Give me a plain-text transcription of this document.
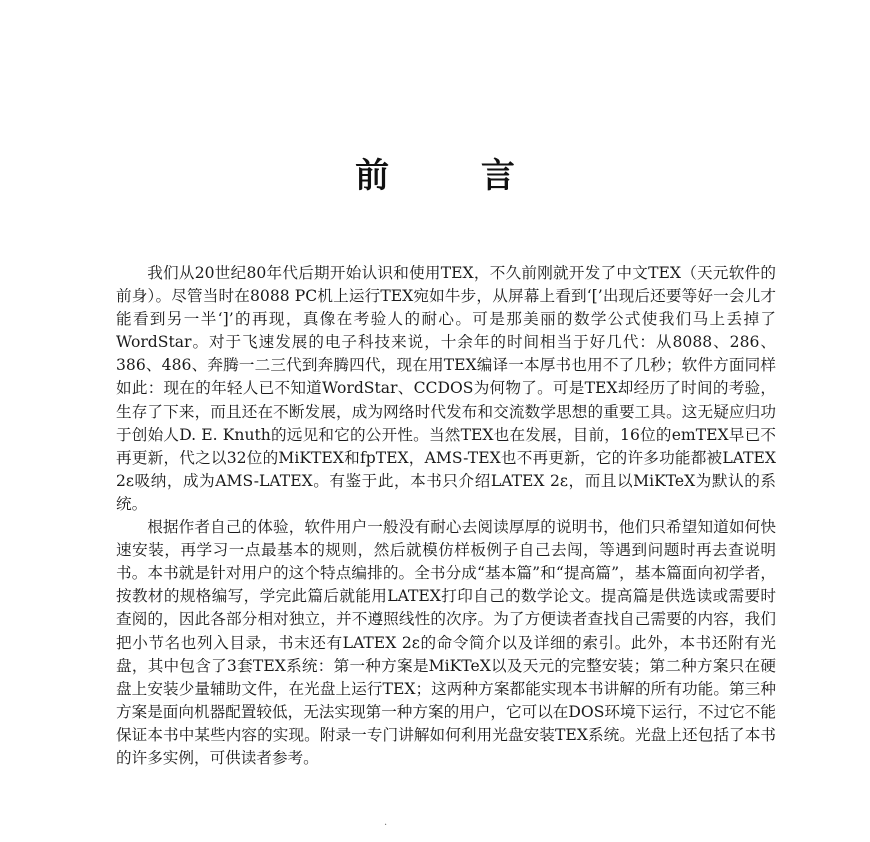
前 言

我们从20世纪80年代后期开始认识和使用TEX，不久前刚就开发了中文TEX（天元软件的前身）。尽管当时在8088 PC机上运行TEX宛如牛步，从屏幕上看到‘[’出现后还要等好一会儿才能看到另一半‘]’的再现，真像在考验人的耐心。可是那美丽的数学公式使我们马上丢掉了WordStar。对于飞速发展的电子科技来说，十余年的时间相当于好几代：从8088、286、386、486、奔腾一二三代到奔腾四代，现在用TEX编译一本厚书也用不了几秒；软件方面同样如此：现在的年轻人已不知道WordStar、CCDOS为何物了。可是TEX却经历了时间的考验，生存了下来，而且还在不断发展，成为网络时代发布和交流数学思想的重要工具。这无疑应归功于创始人D. E. Knuth的远见和它的公开性。当然TEX也在发展，目前，16位的emTEX早已不再更新，代之以32位的MiKTEX和fpTEX，AMS-TEX也不再更新，它的许多功能都被LATEX 2ε吸纳，成为AMS-LATEX。有鉴于此，本书只介绍LATEX 2ε，而且以MiKTeX为默认的系统。

根据作者自己的体验，软件用户一般没有耐心去阅读厚厚的说明书，他们只希望知道如何快速安装，再学习一点最基本的规则，然后就模仿样板例子自己去闯，等遇到问题时再去查说明书。本书就是针对用户的这个特点编排的。全书分成“基本篇”和“提高篇”，基本篇面向初学者，按教材的规格编写，学完此篇后就能用LATEX打印自己的数学论文。提高篇是供选读或需要时查阅的，因此各部分相对独立，并不遵照线性的次序。为了方便读者查找自己需要的内容，我们把小节名也列入目录，书末还有LATEX 2ε的命令简介以及详细的索引。此外，本书还附有光盘，其中包含了3套TEX系统：第一种方案是MiKTeX以及天元的完整安装；第二种方案只在硬盘上安装少量辅助文件，在光盘上运行TEX；这两种方案都能实现本书讲解的所有功能。第三种方案是面向机器配置较低，无法实现第一种方案的用户，它可以在DOS环境下运行，不过它不能保证本书中某些内容的实现。附录一专门讲解如何利用光盘安装TEX系统。光盘上还包括了本书的许多实例，可供读者参考。

·
